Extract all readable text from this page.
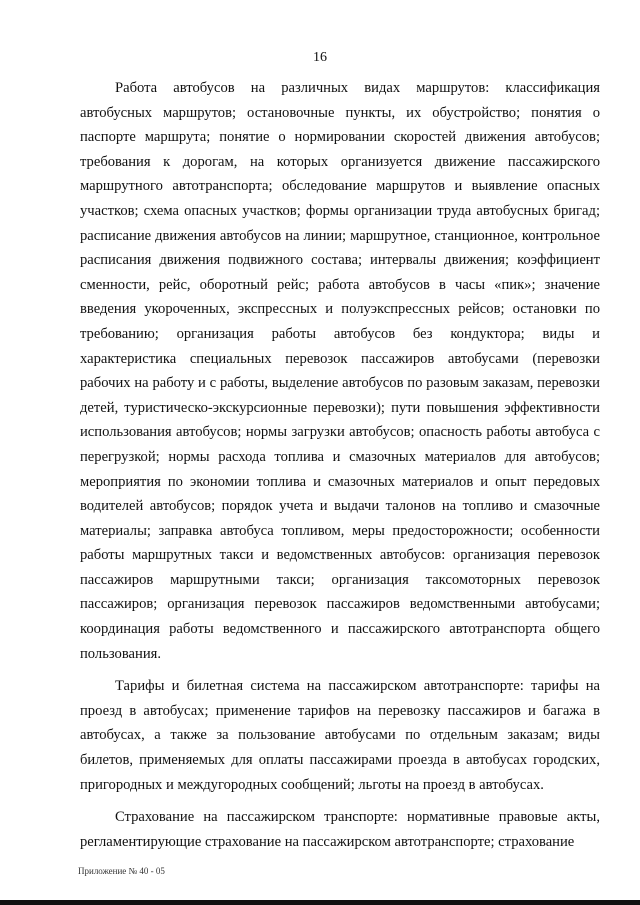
16

Работа автобусов на различных видах маршрутов: классификация автобусных маршрутов; остановочные пункты, их обустройство; понятия о паспорте маршрута; понятие о нормировании скоростей движения автобусов; требования к дорогам, на которых организуется движение пассажирского маршрутного автотранспорта; обследование маршрутов и выявление опасных участков; схема опасных участков; формы организации труда автобусных бригад; расписание движения автобусов на линии; маршрутное, станционное, контрольное расписания движения подвижного состава; интервалы движения; коэффициент сменности, рейс, оборотный рейс; работа автобусов в часы «пик»; значение введения укороченных, экспрессных и полуэкспрессных рейсов; остановки по требованию; организация работы автобусов без кондуктора; виды и характеристика специальных перевозок пассажиров автобусами (перевозки рабочих на работу и с работы, выделение автобусов по разовым заказам, перевозки детей, туристическо-экскурсионные перевозки); пути повышения эффективности использования автобусов; нормы загрузки автобусов; опасность работы автобуса с перегрузкой; нормы расхода топлива и смазочных материалов для автобусов; мероприятия по экономии топлива и смазочных материалов и опыт передовых водителей автобусов; порядок учета и выдачи талонов на топливо и смазочные материалы; заправка автобуса топливом, меры предосторожности; особенности работы маршрутных такси и ведомственных автобусов: организация перевозок пассажиров маршрутными такси; организация таксомоторных перевозок пассажиров; организация перевозок пассажиров ведомственными автобусами; координация работы ведомственного и пассажирского автотранспорта общего пользования.

Тарифы и билетная система на пассажирском автотранспорте: тарифы на проезд в автобусах; применение тарифов на перевозку пассажиров и багажа в автобусах, а также за пользование автобусами по отдельным заказам; виды билетов, применяемых для оплаты пассажирами проезда в автобусах городских, пригородных и междугородных сообщений; льготы на проезд в автобусах.

Страхование на пассажирском транспорте: нормативные правовые акты, регламентирующие страхование на пассажирском автотранспорте; страхование

Приложение № 40 - 05
